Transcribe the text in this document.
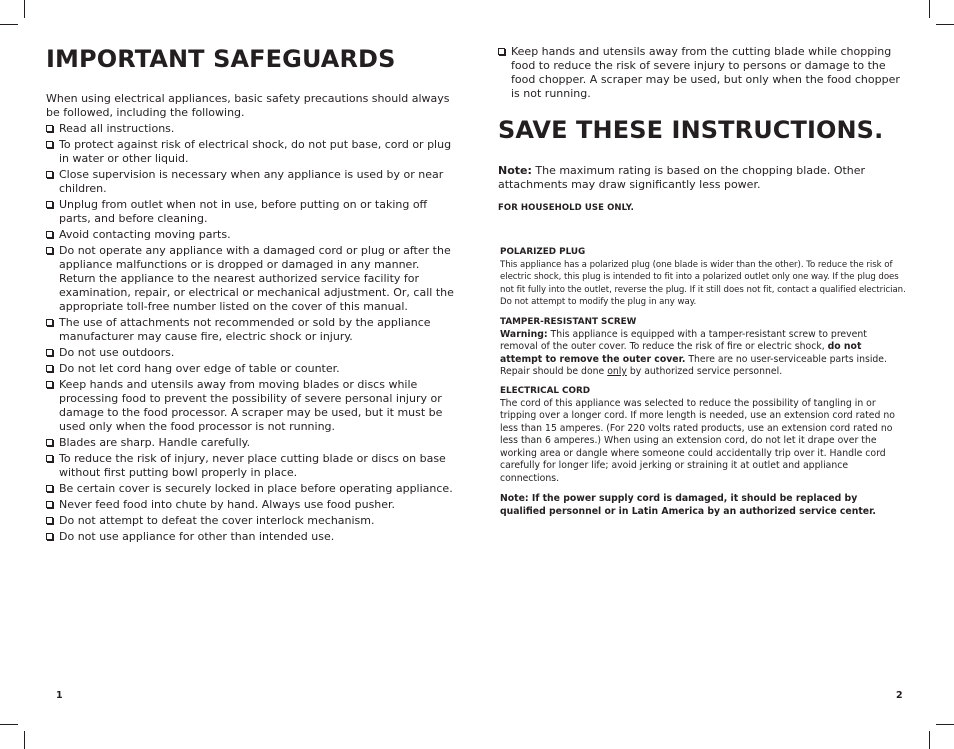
IMPORTANT SAFEGUARDS

When using electrical appliances, basic safety precautions should always be followed, including the following.

Read all instructions.
To protect against risk of electrical shock, do not put base, cord or plug in water or other liquid.
Close supervision is necessary when any appliance is used by or near children.
Unplug from outlet when not in use, before putting on or taking off parts, and before cleaning.
Avoid contacting moving parts.
Do not operate any appliance with a damaged cord or plug or after the appliance malfunctions or is dropped or damaged in any manner. Return the appliance to the nearest authorized service facility for examination, repair, or electrical or mechanical adjustment. Or, call the appropriate toll-free number listed on the cover of this manual.
The use of attachments not recommended or sold by the appliance manufacturer may cause fire, electric shock or injury.
Do not use outdoors.
Do not let cord hang over edge of table or counter.
Keep hands and utensils away from moving blades or discs while processing food to prevent the possibility of severe personal injury or damage to the food processor. A scraper may be used, but it must be used only when the food processor is not running.
Blades are sharp. Handle carefully.
To reduce the risk of injury, never place cutting blade or discs on base without first putting bowl properly in place.
Be certain cover is securely locked in place before operating appliance.
Never feed food into chute by hand. Always use food pusher.
Do not attempt to defeat the cover interlock mechanism.
Do not use appliance for other than intended use.
1
Keep hands and utensils away from the cutting blade while chopping food to reduce the risk of severe injury to persons or damage to the food chopper. A scraper may be used, but only when the food chopper is not running.
SAVE THESE INSTRUCTIONS.

Note: The maximum rating is based on the chopping blade. Other attachments may draw significantly less power.

FOR HOUSEHOLD USE ONLY.

POLARIZED PLUG
This appliance has a polarized plug (one blade is wider than the other). To reduce the risk of electric shock, this plug is intended to fit into a polarized outlet only one way. If the plug does not fit fully into the outlet, reverse the plug. If it still does not fit, contact a qualified electrician. Do not attempt to modify the plug in any way.
TAMPER-RESISTANT SCREW
Warning: This appliance is equipped with a tamper-resistant screw to prevent removal of the outer cover. To reduce the risk of fire or electric shock, do not attempt to remove the outer cover. There are no user-serviceable parts inside. Repair should be done only by authorized service personnel.
ELECTRICAL CORD
The cord of this appliance was selected to reduce the possibility of tangling in or tripping over a longer cord. If more length is needed, use an extension cord rated no less than 15 amperes. (For 220 volts rated products, use an extension cord rated no less than 6 amperes.) When using an extension cord, do not let it drape over the working area or dangle where someone could accidentally trip over it. Handle cord carefully for longer life; avoid jerking or straining it at outlet and appliance connections.

Note: If the power supply cord is damaged, it should be replaced by qualified personnel or in Latin America by an authorized service center.

2
